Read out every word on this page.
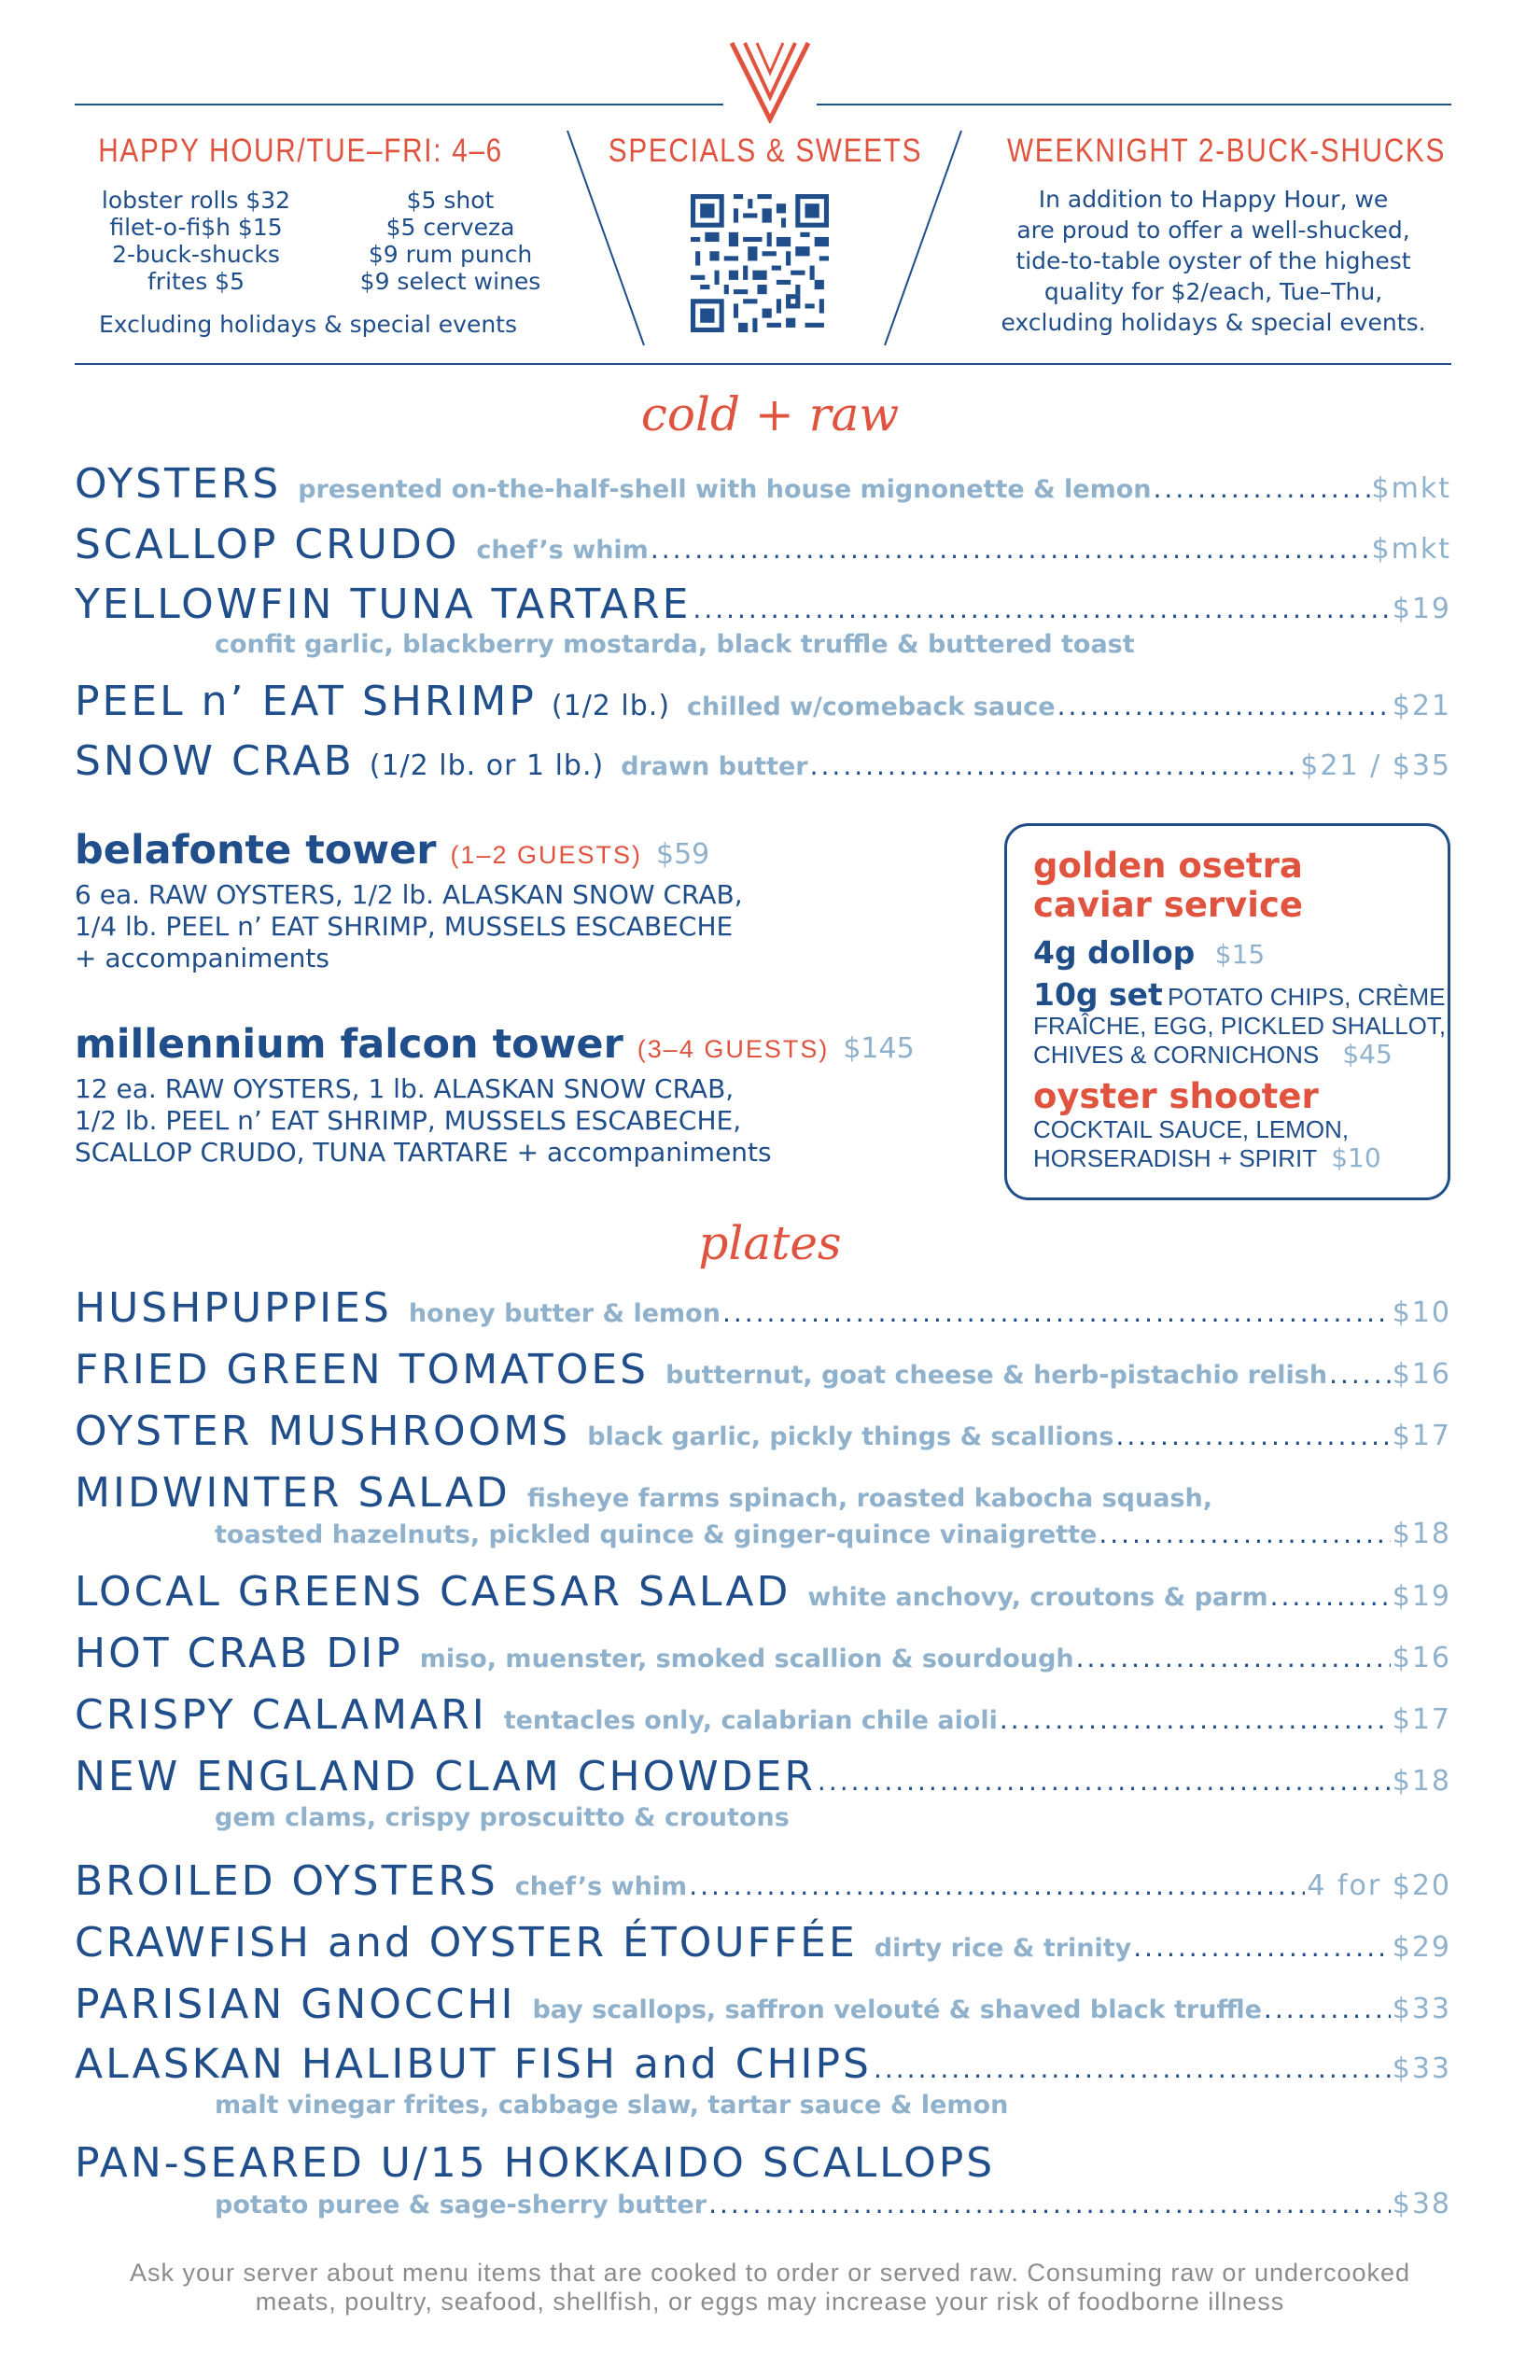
HAPPY HOUR/TUE–FRI: 4–6
lobster rolls $32
filet-o-fi$h $15
2-buck-shucks
frites $5
$5 shot
$5 cerveza
$9 rum punch
$9 select wines
Excluding holidays & special events
SPECIALS & SWEETS	WEEKNIGHT 2-BUCK-SHUCKS
In addition to Happy Hour, we
are proud to offer a well-shucked,
tide-to-table oyster of the highest
quality for $2/each, Tue–Thu,
excluding holidays & special events.
cold + raw
OYSTERS presented on-the-half-shell with house mignonette & lemon .....	$mkt
SCALLOP CRUDO chef’s whim .....	$mkt
YELLOWFIN TUNA TARTARE .....	$19
confit garlic, blackberry mostarda, black truffle & buttered toast
PEEL n’ EAT SHRIMP (1/2 lb.) chilled w/comeback sauce .....	$21
SNOW CRAB (1/2 lb. or 1 lb.) drawn butter .....	$21 / $35
belafonte tower (1–2 GUESTS) $59
6 ea. RAW OYSTERS, 1/2 lb. ALASKAN SNOW CRAB,
1/4 lb. PEEL n’ EAT SHRIMP, MUSSELS ESCABECHE
+ accompaniments
millennium falcon tower (3–4 GUESTS) $145
12 ea. RAW OYSTERS, 1 lb. ALASKAN SNOW CRAB,
1/2 lb. PEEL n’ EAT SHRIMP, MUSSELS ESCABECHE,
SCALLOP CRUDO, TUNA TARTARE + accompaniments
golden osetra
caviar service
4g dollop $15
10g set POTATO CHIPS, CRÈME
FRAÎCHE, EGG, PICKLED SHALLOT,
CHIVES & CORNICHONS $45
oyster shooter
COCKTAIL SAUCE, LEMON,
HORSERADISH + SPIRIT $10
plates
HUSHPUPPIES honey butter & lemon .....	$10
FRIED GREEN TOMATOES butternut, goat cheese & herb-pistachio relish ..... $16
OYSTER MUSHROOMS black garlic, pickly things & scallions .....	$17
MIDWINTER SALAD fisheye farms spinach, roasted kabocha squash,
toasted hazelnuts, pickled quince & ginger-quince vinaigrette .....	$18
LOCAL GREENS CAESAR SALAD white anchovy, croutons & parm .....	$19
HOT CRAB DIP miso, muenster, smoked scallion & sourdough .....	$16
CRISPY CALAMARI tentacles only, calabrian chile aioli .....	$17
NEW ENGLAND CLAM CHOWDER .....	$18
gem clams, crispy proscuitto & croutons
BROILED OYSTERS chef’s whim .....	4 for $20
CRAWFISH and OYSTER ÉTOUFFÉE dirty rice & trinity .....	$29
PARISIAN GNOCCHI bay scallops, saffron velouté & shaved black truffle .....	$33
ALASKAN HALIBUT FISH and CHIPS .....	$33
malt vinegar frites, cabbage slaw, tartar sauce & lemon
PAN-SEARED U/15 HOKKAIDO SCALLOPS
potato puree & sage-sherry butter .....	$38
Ask your server about menu items that are cooked to order or served raw. Consuming raw or undercooked
meats, poultry, seafood, shellfish, or eggs may increase your risk of foodborne illness
